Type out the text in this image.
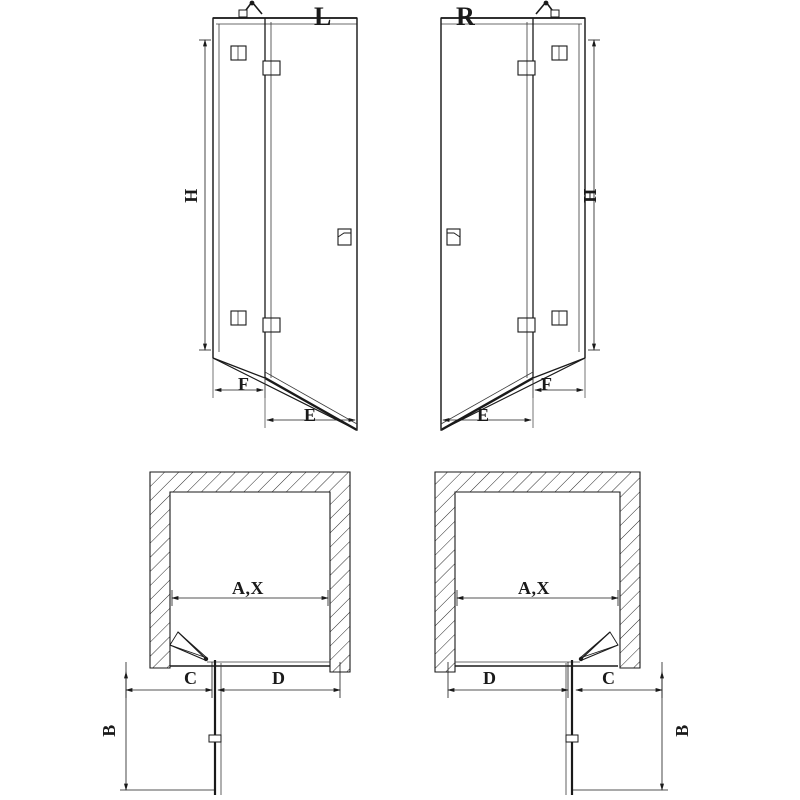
L	R
H
F
E
H
F
E
A,X
C	D
B
A,X
D	C
B
